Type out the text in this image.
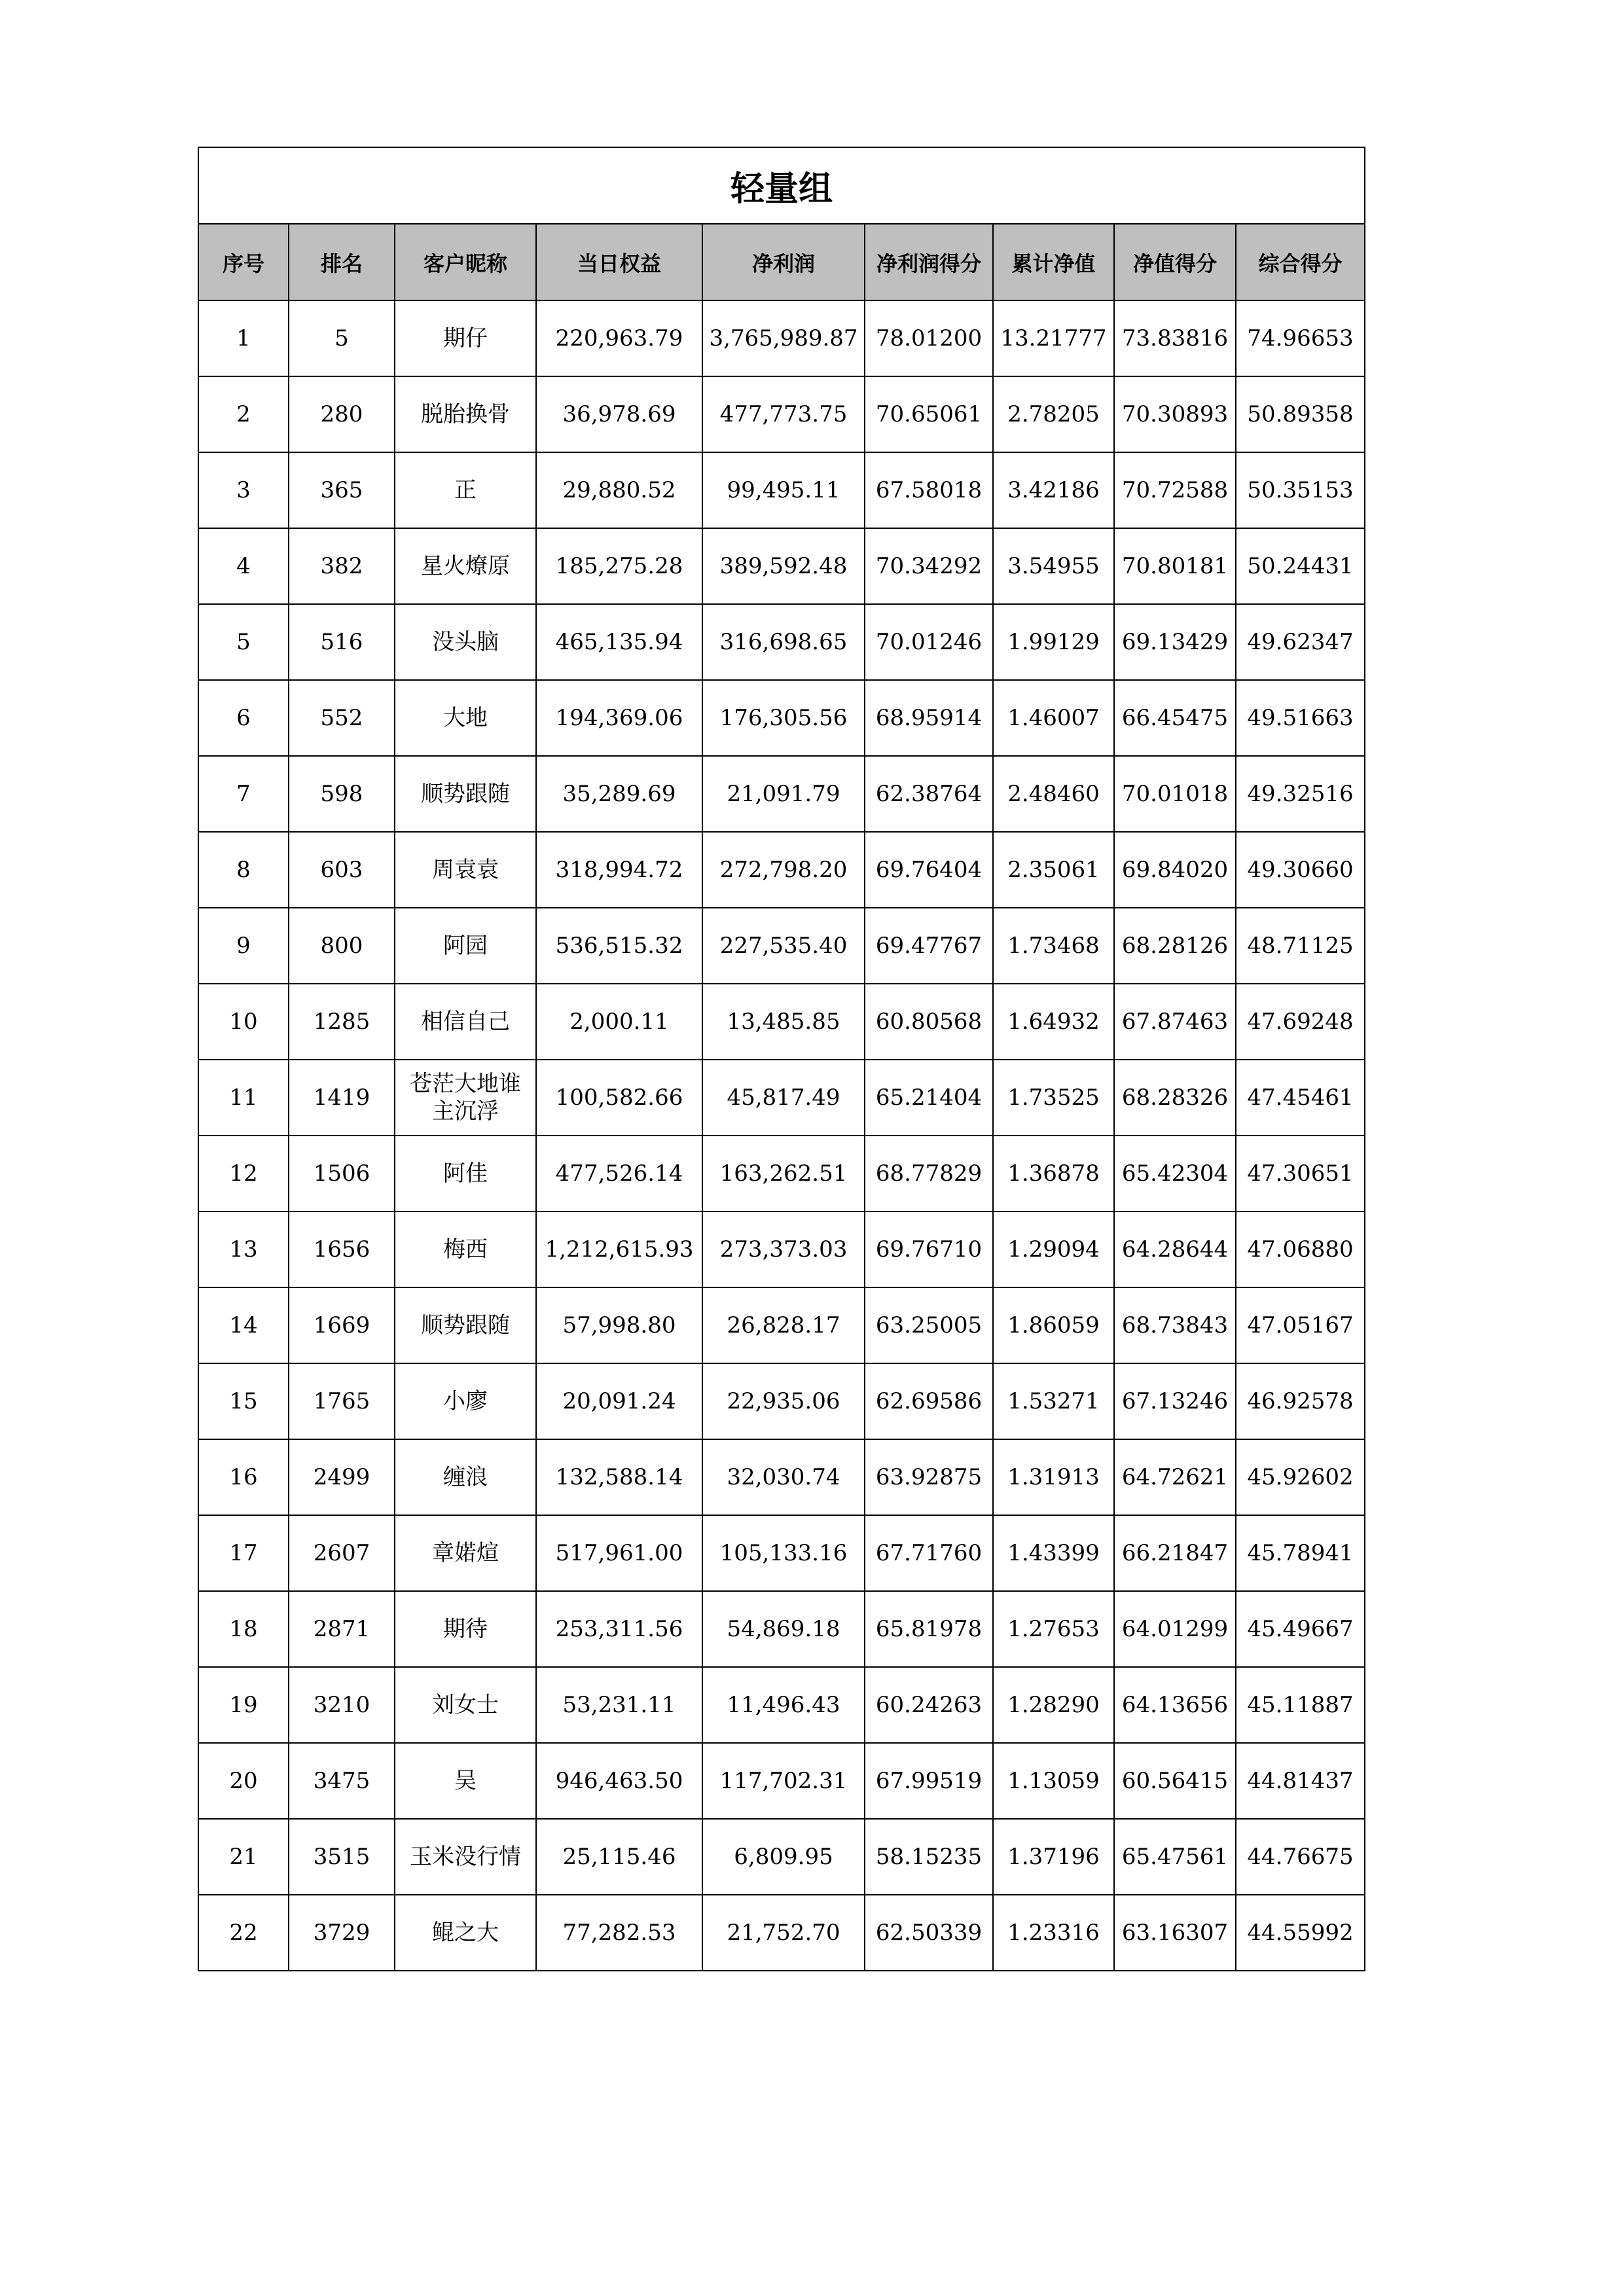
轻量组								
序号	排名	客户昵称	当日权益	净利润	净利润得分	累计净值	净值得分	综合得分
1	5	期仔	220,963.79	3,765,989.87	78.01200	13.21777	73.83816	74.96653
2	280	脱胎换骨	36,978.69	477,773.75	70.65061	2.78205	70.30893	50.89358
3	365	正	29,880.52	99,495.11	67.58018	3.42186	70.72588	50.35153
4	382	星火燎原	185,275.28	389,592.48	70.34292	3.54955	70.80181	50.24431
5	516	没头脑	465,135.94	316,698.65	70.01246	1.99129	69.13429	49.62347
6	552	大地	194,369.06	176,305.56	68.95914	1.46007	66.45475	49.51663
7	598	顺势跟随	35,289.69	21,091.79	62.38764	2.48460	70.01018	49.32516
8	603	周袁袁	318,994.72	272,798.20	69.76404	2.35061	69.84020	49.30660
9	800	阿园	536,515.32	227,535.40	69.47767	1.73468	68.28126	48.71125
10	1285	相信自己	2,000.11	13,485.85	60.80568	1.64932	67.87463	47.69248
11	1419	苍茫大地谁主沉浮	100,582.66	45,817.49	65.21404	1.73525	68.28326	47.45461
12	1506	阿佳	477,526.14	163,262.51	68.77829	1.36878	65.42304	47.30651
13	1656	梅西	1,212,615.93	273,373.03	69.76710	1.29094	64.28644	47.06880
14	1669	顺势跟随	57,998.80	26,828.17	63.25005	1.86059	68.73843	47.05167
15	1765	小廖	20,091.24	22,935.06	62.69586	1.53271	67.13246	46.92578
16	2499	缠浪	132,588.14	32,030.74	63.92875	1.31913	64.72621	45.92602
17	2607	章婼煊	517,961.00	105,133.16	67.71760	1.43399	66.21847	45.78941
18	2871	期待	253,311.56	54,869.18	65.81978	1.27653	64.01299	45.49667
19	3210	刘女士	53,231.11	11,496.43	60.24263	1.28290	64.13656	45.11887
20	3475	吴	946,463.50	117,702.31	67.99519	1.13059	60.56415	44.81437
21	3515	玉米没行情	25,115.46	6,809.95	58.15235	1.37196	65.47561	44.76675
22	3729	鲲之大	77,282.53	21,752.70	62.50339	1.23316	63.16307	44.55992
